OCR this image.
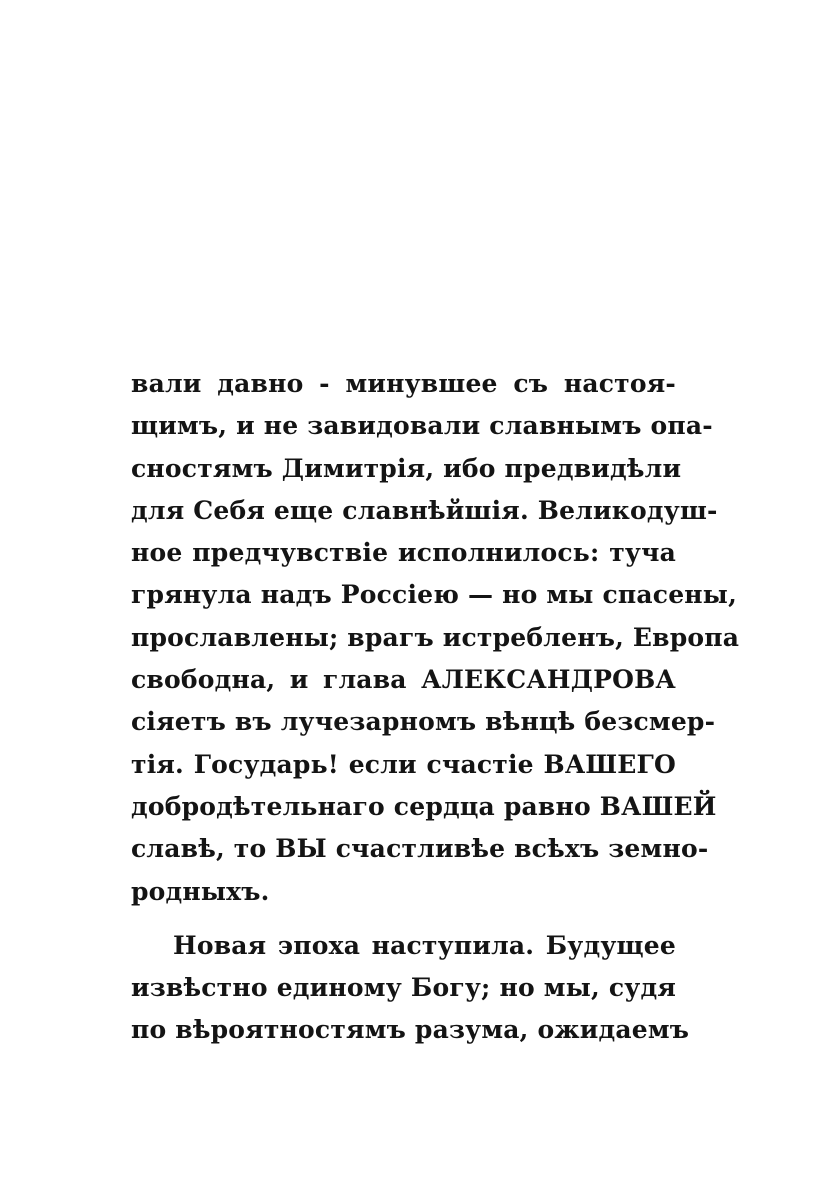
вали давно - минувшее съ настоя-
щимъ, и не завидовали славнымъ опа-
сностямъ Димитрія, ибо предвидѣли
для Себя еще славнѣйшія. Великодуш-
ное предчувствіе исполнилось: туча
грянула надъ Россіею — но мы спасены,
прославлены; врагъ истребленъ, Европа
свободна, и глава АЛЕКСАНДРОВА
сіяетъ въ лучезарномъ вѣнцѣ безсмер-
тія. Государь! если счастіе ВАШЕГО
добродѣтельнаго сердца равно ВАШЕЙ
славѣ, то ВЫ счастливѣе всѣхъ земно-
родныхъ.
Новая эпоха наступила. Будущее
извѣстно единому Богу; но мы, судя
по вѣроятностямъ разума, ожидаемъ
